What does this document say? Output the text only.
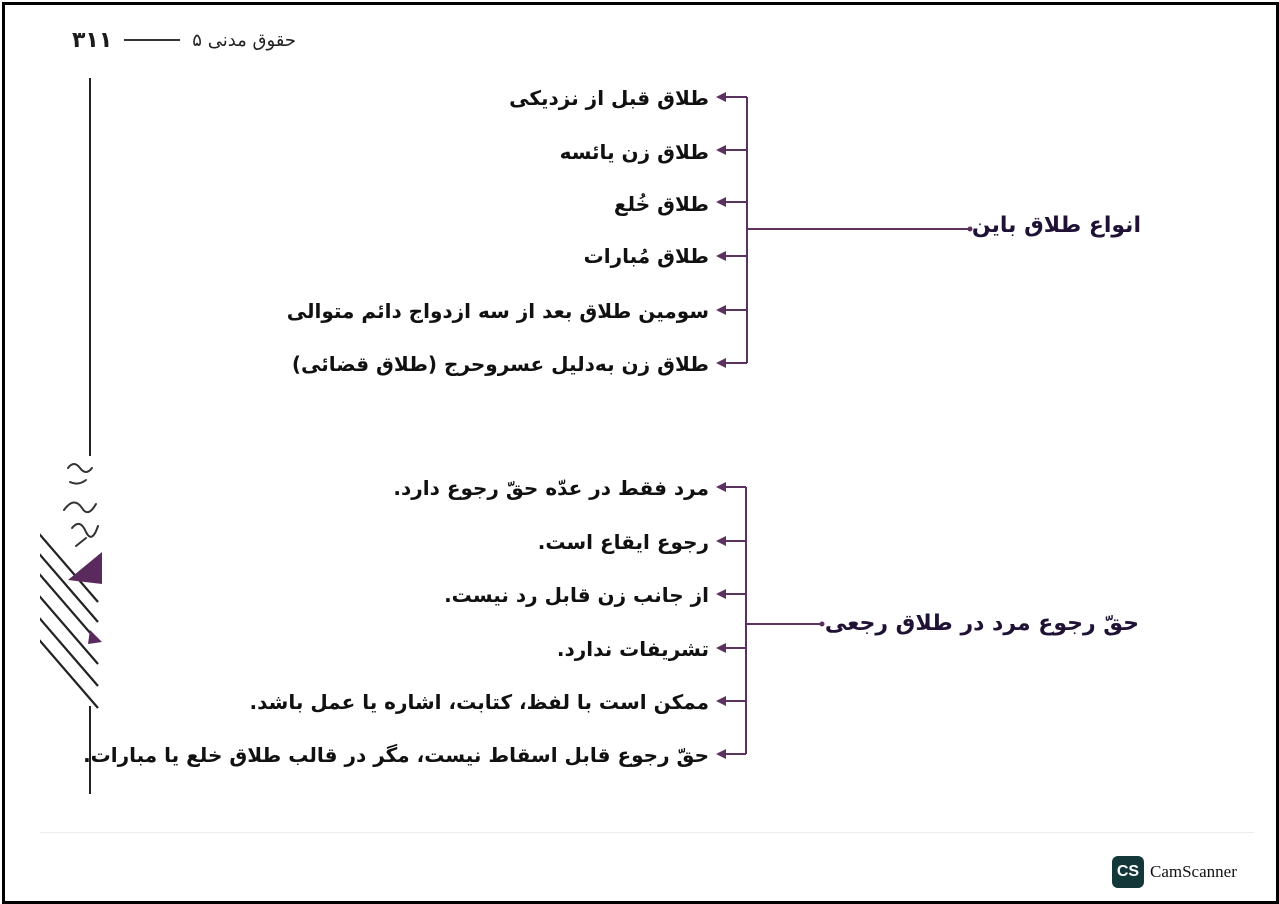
۳۱۱	حقوق مدنی ۵
انواع طلاق باین
طلاق قبل از نزدیکی
طلاق زن یائسه
طلاق خُلع
طلاق مُبارات
سومین طلاق بعد از سه ازدواج دائم متوالی
طلاق زن به‌دلیل عسروحرج (طلاق قضائی)
حقّ رجوع مرد در طلاق رجعی
مرد فقط در عدّه حقّ رجوع دارد.
رجوع ایقاع است.
از جانب زن قابل رد نیست.
تشریفات ندارد.
ممکن است با لفظ، کتابت، اشاره یا عمل باشد.
حقّ رجوع قابل اسقاط نیست، مگر در قالب طلاق خلع یا مبارات.
CS CamScanner
